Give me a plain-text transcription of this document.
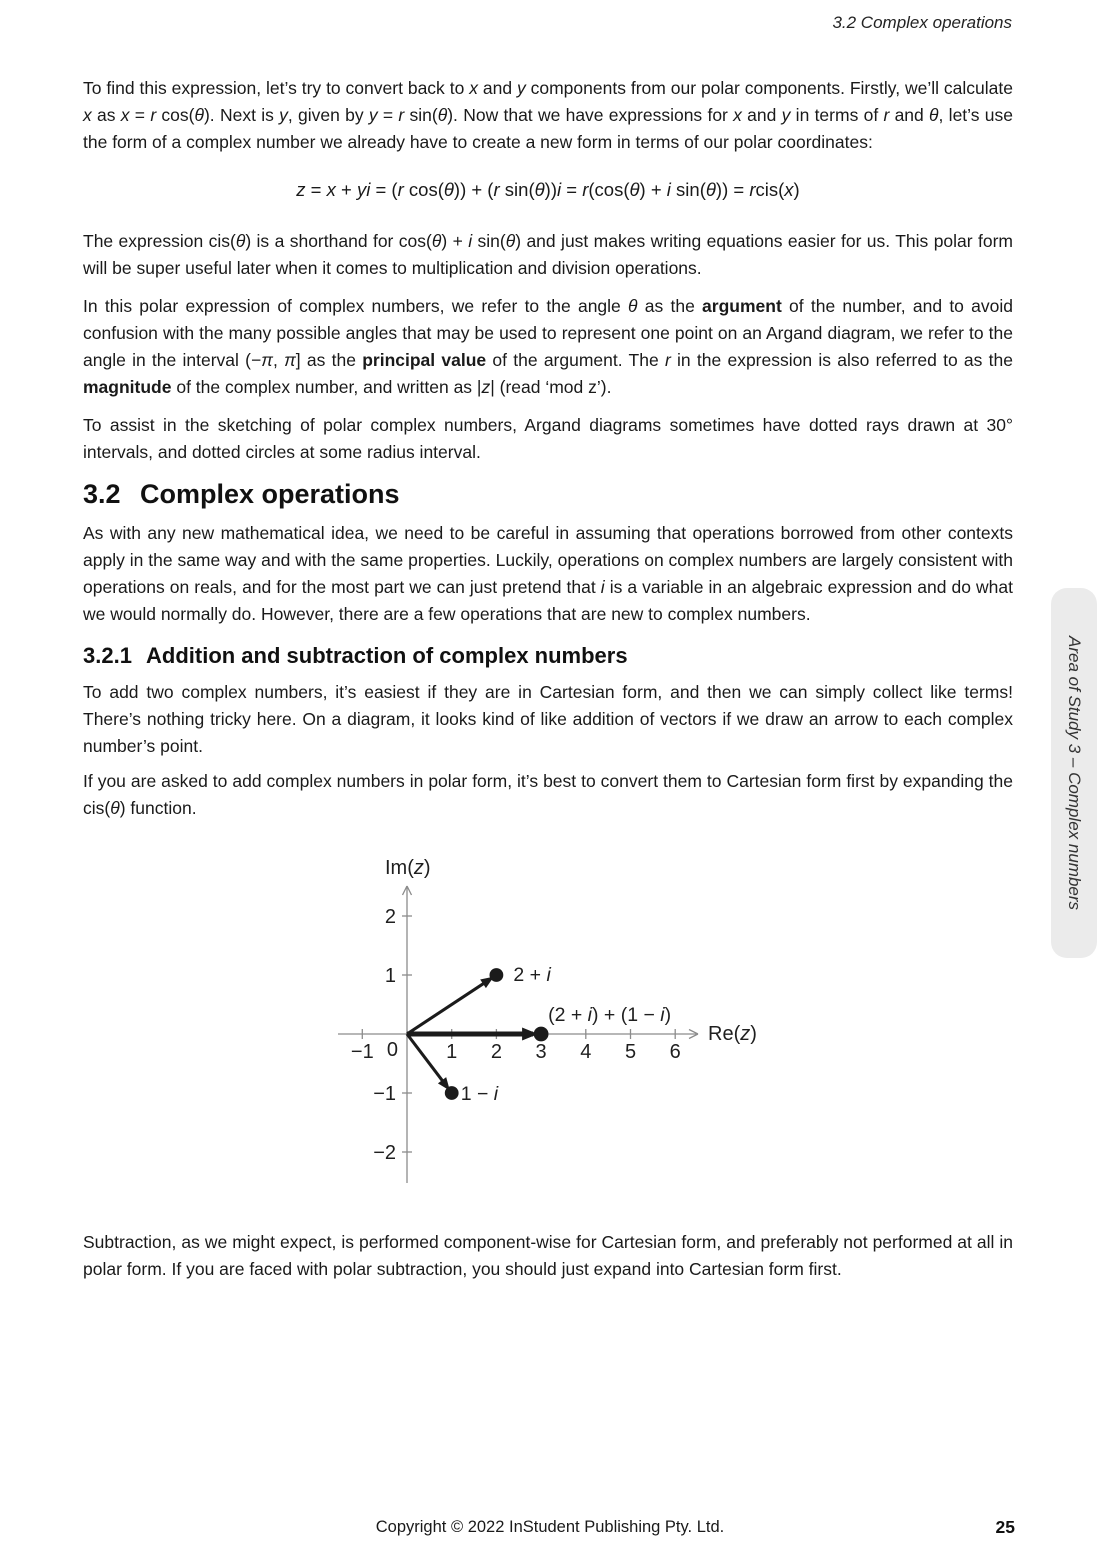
3.2 Complex operations

To find this expression, let’s try to convert back to x and y components from our polar components. Firstly, we’ll calculate x as x = r cos(θ). Next is y, given by y = r sin(θ). Now that we have expressions for x and y in terms of r and θ, let’s use the form of a complex number we already have to create a new form in terms of our polar coordinates:

z = x + yi = (r cos(θ)) + (r sin(θ))i = r(cos(θ) + i sin(θ)) = rcis(x)

The expression cis(θ) is a shorthand for cos(θ) + i sin(θ) and just makes writing equations easier for us. This polar form will be super useful later when it comes to multiplication and division operations.

In this polar expression of complex numbers, we refer to the angle θ as the argument of the number, and to avoid confusion with the many possible angles that may be used to represent one point on an Argand diagram, we refer to the angle in the interval (−π, π] as the principal value of the argument. The r in the expression is also referred to as the magnitude of the complex number, and written as |z| (read ‘mod z’).

To assist in the sketching of polar complex numbers, Argand diagrams sometimes have dotted rays drawn at 30° intervals, and dotted circles at some radius interval.

3.2 Complex operations

As with any new mathematical idea, we need to be careful in assuming that operations borrowed from other contexts apply in the same way and with the same properties. Luckily, operations on complex numbers are largely consistent with operations on reals, and for the most part we can just pretend that i is a variable in an algebraic expression and do what we would normally do. However, there are a few operations that are new to complex numbers.

3.2.1 Addition and subtraction of complex numbers

To add two complex numbers, it’s easiest if they are in Cartesian form, and then we can simply collect like terms! There’s nothing tricky here. On a diagram, it looks kind of like addition of vectors if we draw an arrow to each complex number’s point.

If you are asked to add complex numbers in polar form, it’s best to convert them to Cartesian form first by expanding the cis(θ) function.

−1	1 2 3 4 5 6
0
−2
−1
1
2
Re(z)
Im(z)
2 + i
(2 + i) + (1 − i)
1 − i

Subtraction, as we might expect, is performed component-wise for Cartesian form, and preferably not performed at all in polar form. If you are faced with polar subtraction, you should just expand into Cartesian form first.

Area of Study 3 – Complex numbers
Copyright © 2022 InStudent Publishing Pty. Ltd.	25
